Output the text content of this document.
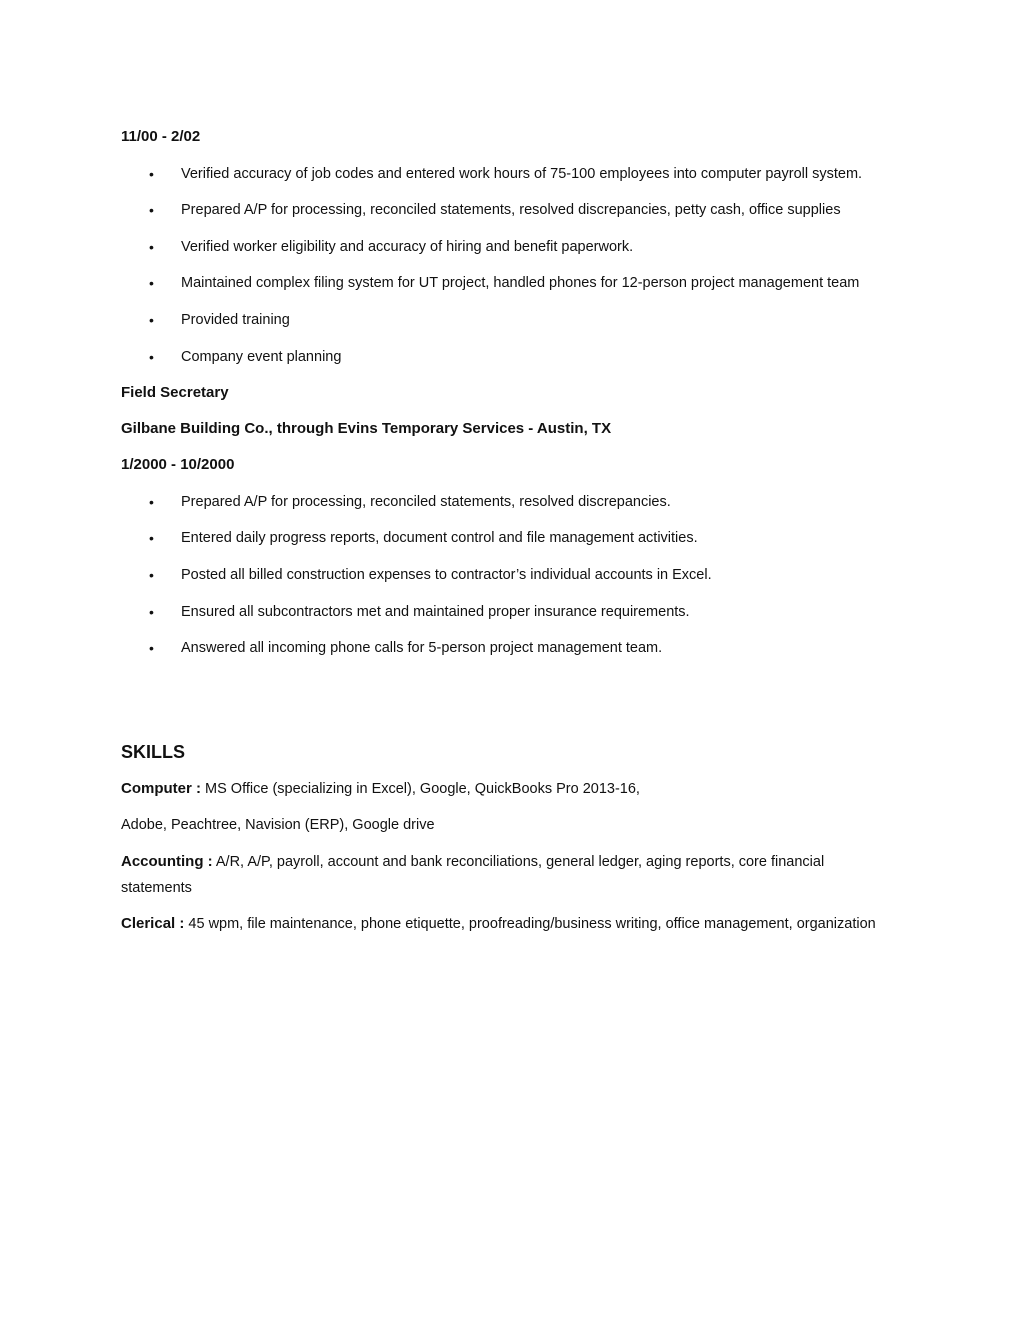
11/00 - 2/02
• Verified accuracy of job codes and entered work hours of 75-100 employees into computer payroll system.
• Prepared A/P for processing, reconciled statements, resolved discrepancies, petty cash, office supplies
• Verified worker eligibility and accuracy of hiring and benefit paperwork.
• Maintained complex filing system for UT project, handled phones for 12-person project management team
• Provided training
• Company event planning
Field Secretary
Gilbane Building Co., through Evins Temporary Services - Austin, TX
1/2000 - 10/2000
• Prepared A/P for processing, reconciled statements, resolved discrepancies.
• Entered daily progress reports, document control and file management activities.
• Posted all billed construction expenses to contractor’s individual accounts in Excel.
• Ensured all subcontractors met and maintained proper insurance requirements.
• Answered all incoming phone calls for 5-person project management team.
SKILLS
Computer : MS Office (specializing in Excel), Google, QuickBooks Pro 2013-16,
Adobe, Peachtree, Navision (ERP), Google drive
Accounting : A/R, A/P, payroll, account and bank reconciliations, general ledger, aging reports, core financial statements
Clerical : 45 wpm, file maintenance, phone etiquette, proofreading/business writing, office management, organization
